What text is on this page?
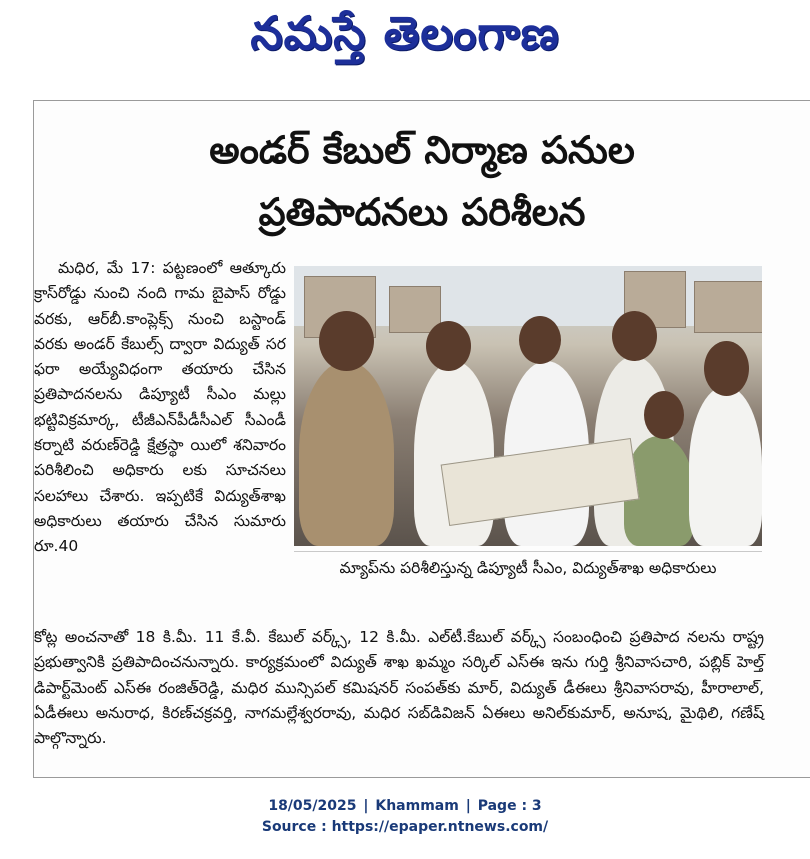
నమస్తే తెలంగాణ
అండర్‌ కేబుల్‌ నిర్మాణ పనుల
ప్రతిపాదనలు పరిశీలన

మధిర, మే 17: పట్టణంలో ఆత్కూరు క్రాస్‌రోడ్డు నుంచి నంది గామ బైపాస్‌ రోడ్డు వరకు, ఆర్‌బీ.కాంప్లెక్స్‌ నుంచి బస్టాండ్‌ వరకు అండర్‌ కేబుల్స్‌ ద్వారా విద్యుత్‌ సర ఫరా అయ్యేవిధంగా తయారు చేసిన ప్రతిపాదనలను డిప్యూటీ సీఎం మల్లు భట్టివిక్రమార్క, టీజీఎన్‌పీడీసీఎల్‌ సీఎండీ కర్నాటి వరుణ్‌రెడ్డి క్షేత్రస్థా యిలో శనివారం పరిశీలించి అధికారు లకు సూచనలు సలహాలు చేశారు. ఇప్పటికే విద్యుత్‌శాఖ అధికారులు తయారు చేసిన సుమారు రూ.40

మ్యాప్‌ను పరిశీలిస్తున్న డిప్యూటీ సీఎం, విద్యుత్‌శాఖ అధికారులు

కోట్ల అంచనాతో 18 కి.మీ. 11 కే.వీ. కేబుల్‌ వర్క్స్‌, 12 కి.మీ. ఎల్‌టీ.కేబుల్‌ వర్క్స్‌ సంబంధించి ప్రతిపాద నలను రాష్ట్ర ప్రభుత్వానికి ప్రతిపాదించనున్నారు. కార్యక్రమంలో విద్యుత్‌ శాఖ ఖమ్మం సర్కిల్‌ ఎస్‌ఈ ఇను గుర్తి శ్రీనివాసచారి, పబ్లిక్‌ హెల్త్‌ డిపార్ట్‌మెంట్‌ ఎస్‌ఈ రంజిత్‌రెడ్డి, మధిర మున్సిపల్‌ కమిషనర్‌ సంపత్‌కు మార్‌, విద్యుత్‌ డీఈలు శ్రీనివాసరావు, హీరాలాల్‌, ఏడీఈలు అనురాధ, కిరణ్‌చక్రవర్తి, నాగమల్లేశ్వరరావు, మధిర సబ్‌డివిజన్‌ ఏఈలు అనిల్‌కుమార్‌, అనూష, మైథిలి, గణేష్‌ పాల్గొన్నారు.

18/05/2025 | Khammam | Page : 3
Source : https://epaper.ntnews.com/
